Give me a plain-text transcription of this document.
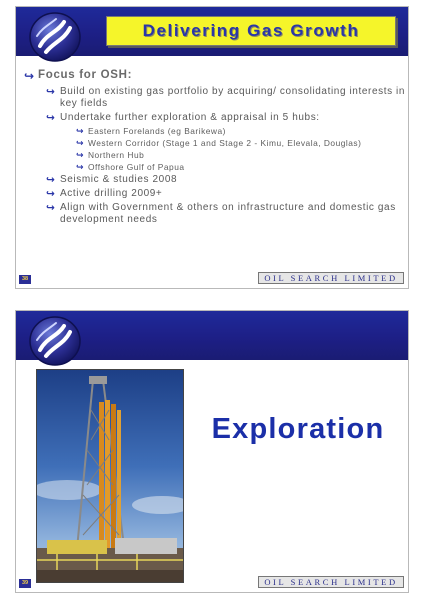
Delivering Gas Growth
↪ Focus for OSH:
↪ Build on existing gas portfolio by acquiring/ consolidating interests in key fields
↪ Undertake further exploration & appraisal in 5 hubs:
↪ Eastern Forelands (eg Barikewa)
↪ Western Corridor (Stage 1 and Stage 2 - Kimu, Elevala, Douglas)
↪ Northern Hub
↪ Offshore Gulf of Papua
↪ Seismic & studies 2008
↪ Active drilling 2009+
↪ Align with Government & others on infrastructure and domestic gas development needs
38	OIL SEARCH LIMITED
Exploration
39	OIL SEARCH LIMITED
